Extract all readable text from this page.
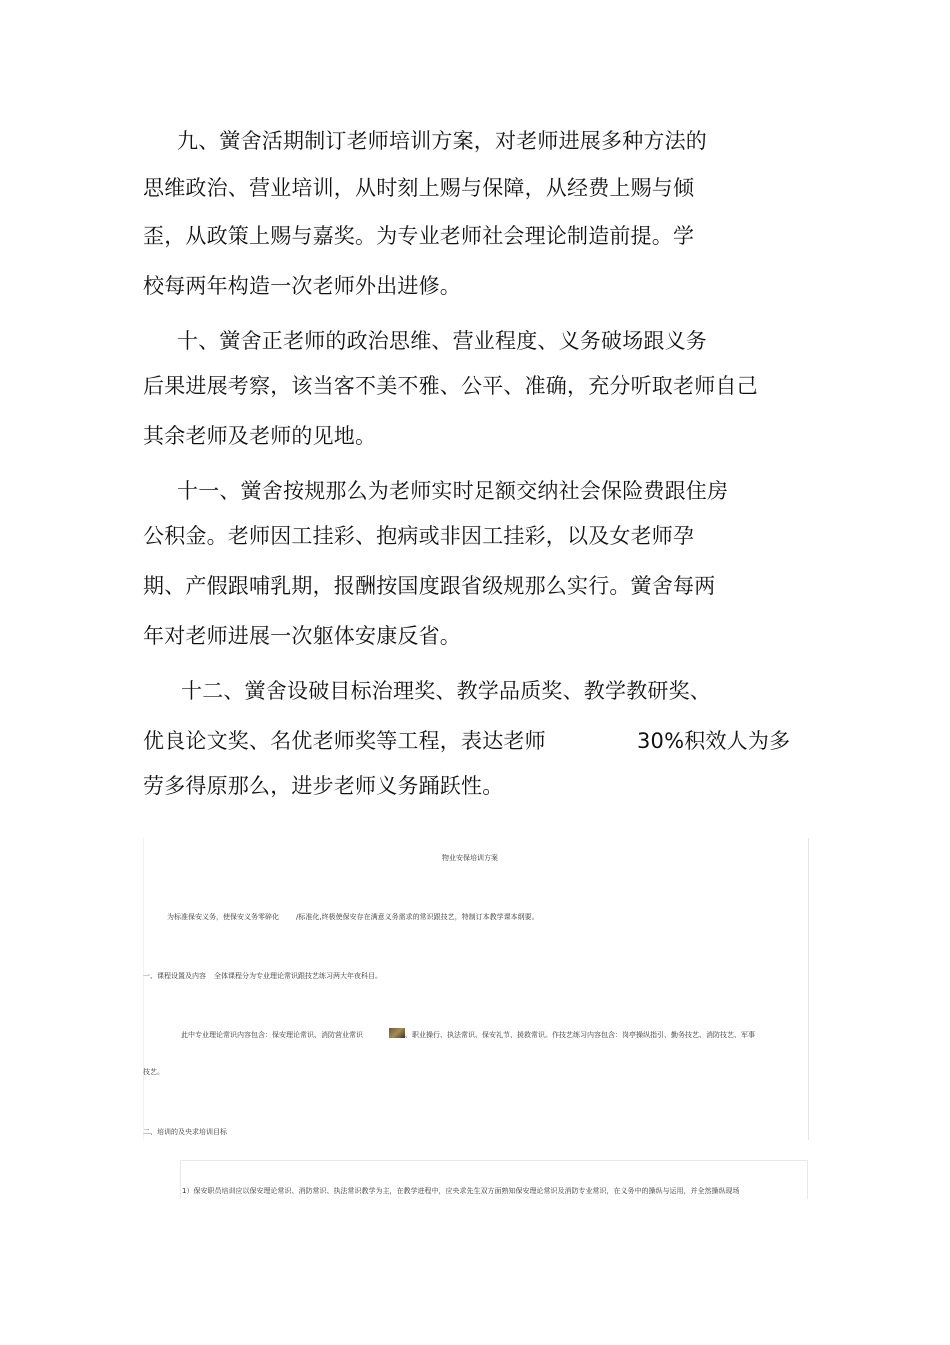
九、黉舍活期制订老师培训方案，对老师进展多种方法的
思维政治、营业培训，从时刻上赐与保障，从经费上赐与倾
歪，从政策上赐与嘉奖。为专业老师社会理论制造前提。学
校每两年构造一次老师外出进修。
十、黉舍正老师的政治思维、营业程度、义务破场跟义务
后果进展考察，该当客不美不雅、公平、准确，充分听取老师自己
其余老师及老师的见地。
十一、黉舍按规那么为老师实时足额交纳社会保险费跟住房
公积金。老师因工挂彩、抱病或非因工挂彩，以及女老师孕
期、产假跟哺乳期，报酬按国度跟省级规那么实行。黉舍每两
年对老师进展一次躯体安康反省。
十二、黉舍设破目标治理奖、教学品质奖、教学教研奖、
优良论文奖、名优老师奖等工程，表达老师	30%积效人为多
劳多得原那么，进步老师义务踊跃性。
物业安保培训方案
为标准保安义务，使保安义务零碎化 /标准化,终极使保安存在满意义务需求的常识跟技艺，特制订本教学课本纲要。
一、课程设置及内容 全体课程分为专业理论常识跟技艺练习两大年夜科目。
此中专业理论常识内容包含：保安理论常识、消防营业常识	、职业操行、执法常识、保安礼节、援救常识。作技艺练习内容包含：岗亭操纵指引、勤务技艺、消防技艺、军事
技艺。
二、培训的及央求培训目标
1）保安职员培训应以保安理论常识、消防常识、执法常识教学为主，在教学进程中，应央求先生双方面熟知保安理论常识及消防专业常识，在义务中的操纵与运用，并全然操纵现场
